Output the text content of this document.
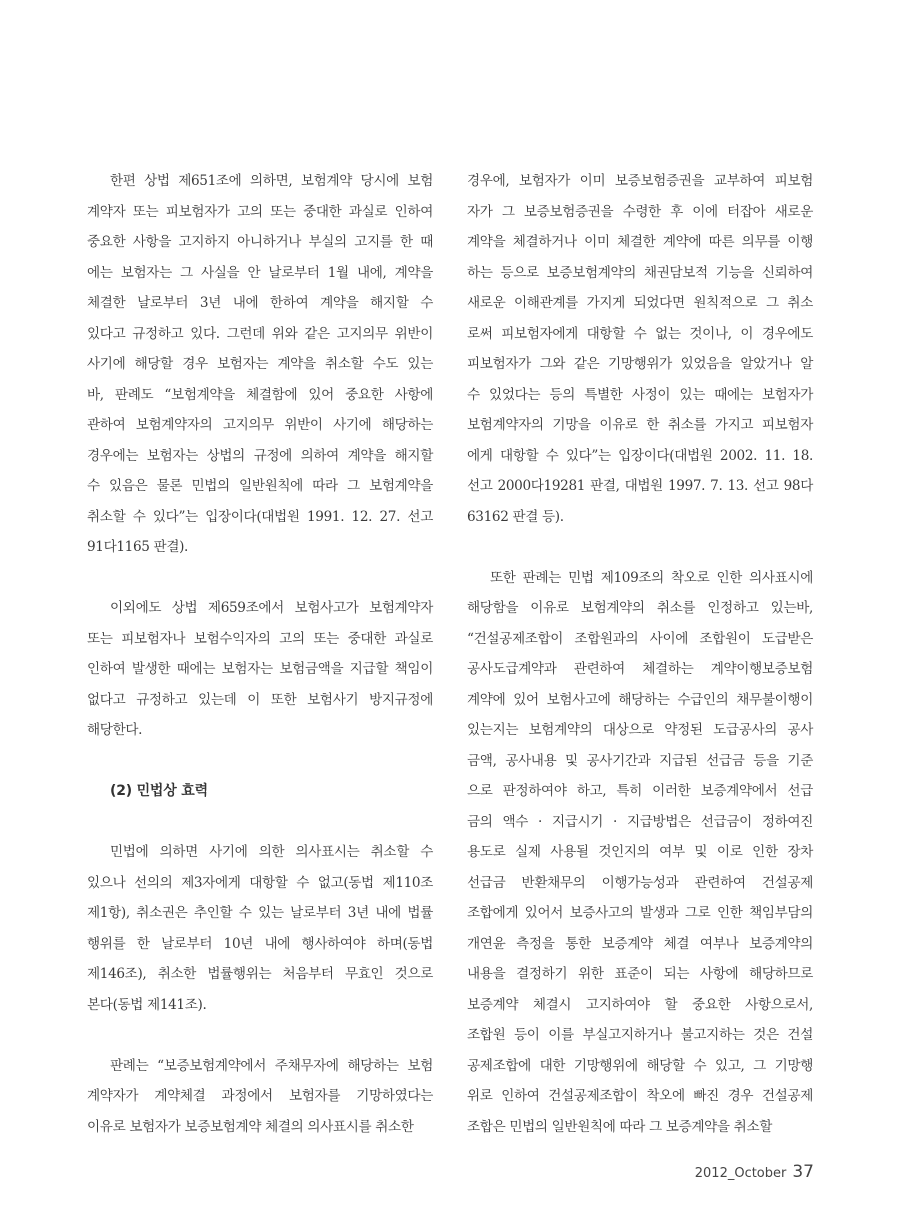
한편 상법 제651조에 의하면, 보험계약 당시에 보험
계약자 또는 피보험자가 고의 또는 중대한 과실로 인하여
중요한 사항을 고지하지 아니하거나 부실의 고지를 한 때
에는 보험자는 그 사실을 안 날로부터 1월 내에, 계약을
체결한 날로부터 3년 내에 한하여 계약을 해지할 수
있다고 규정하고 있다. 그런데 위와 같은 고지의무 위반이
사기에 해당할 경우 보험자는 계약을 취소할 수도 있는
바, 판례도 “보험계약을 체결함에 있어 중요한 사항에
관하여 보험계약자의 고지의무 위반이 사기에 해당하는
경우에는 보험자는 상법의 규정에 의하여 계약을 해지할
수 있음은 물론 민법의 일반원칙에 따라 그 보험계약을
취소할 수 있다”는 입장이다(대법원 1991. 12. 27. 선고
91다1165 판결).
이외에도 상법 제659조에서 보험사고가 보험계약자
또는 피보험자나 보험수익자의 고의 또는 중대한 과실로
인하여 발생한 때에는 보험자는 보험금액을 지급할 책임이
없다고 규정하고 있는데 이 또한 보험사기 방지규정에
해당한다.
(2) 민법상 효력
민법에 의하면 사기에 의한 의사표시는 취소할 수
있으나 선의의 제3자에게 대항할 수 없고(동법 제110조
제1항), 취소권은 추인할 수 있는 날로부터 3년 내에 법률
행위를 한 날로부터 10년 내에 행사하여야 하며(동법
제146조), 취소한 법률행위는 처음부터 무효인 것으로
본다(동법 제141조).
판례는 “보증보험계약에서 주채무자에 해당하는 보험
계약자가 계약체결 과정에서 보험자를 기망하였다는
이유로 보험자가 보증보험계약 체결의 의사표시를 취소한
경우에, 보험자가 이미 보증보험증권을 교부하여 피보험
자가 그 보증보험증권을 수령한 후 이에 터잡아 새로운
계약을 체결하거나 이미 체결한 계약에 따른 의무를 이행
하는 등으로 보증보험계약의 채권담보적 기능을 신뢰하여
새로운 이해관계를 가지게 되었다면 원칙적으로 그 취소
로써 피보험자에게 대항할 수 없는 것이나, 이 경우에도
피보험자가 그와 같은 기망행위가 있었음을 알았거나 알
수 있었다는 등의 특별한 사정이 있는 때에는 보험자가
보험계약자의 기망을 이유로 한 취소를 가지고 피보험자
에게 대항할 수 있다”는 입장이다(대법원 2002. 11. 18.
선고 2000다19281 판결, 대법원 1997. 7. 13. 선고 98다
63162 판결 등).
또한 판례는 민법 제109조의 착오로 인한 의사표시에
해당함을 이유로 보험계약의 취소를 인정하고 있는바,
“건설공제조합이 조합원과의 사이에 조합원이 도급받은
공사도급계약과 관련하여 체결하는 계약이행보증보험
계약에 있어 보험사고에 해당하는 수급인의 채무불이행이
있는지는 보험계약의 대상으로 약정된 도급공사의 공사
금액, 공사내용 및 공사기간과 지급된 선급금 등을 기준
으로 판정하여야 하고, 특히 이러한 보증계약에서 선급
금의 액수 · 지급시기 · 지급방법은 선급금이 정하여진
용도로 실제 사용될 것인지의 여부 및 이로 인한 장차
선급금 반환채무의 이행가능성과 관련하여 건설공제
조합에게 있어서 보증사고의 발생과 그로 인한 책임부담의
개연윤 측정을 통한 보증계약 체결 여부나 보증계약의
내용을 결정하기 위한 표준이 되는 사항에 해당하므로
보증계약 체결시 고지하여야 할 중요한 사항으로서,
조합원 등이 이를 부실고지하거나 불고지하는 것은 건설
공제조합에 대한 기망행위에 해당할 수 있고, 그 기망행
위로 인하여 건설공제조합이 착오에 빠진 경우 건설공제
조합은 민법의 일반원칙에 따라 그 보증계약을 취소할
2012_October 37
